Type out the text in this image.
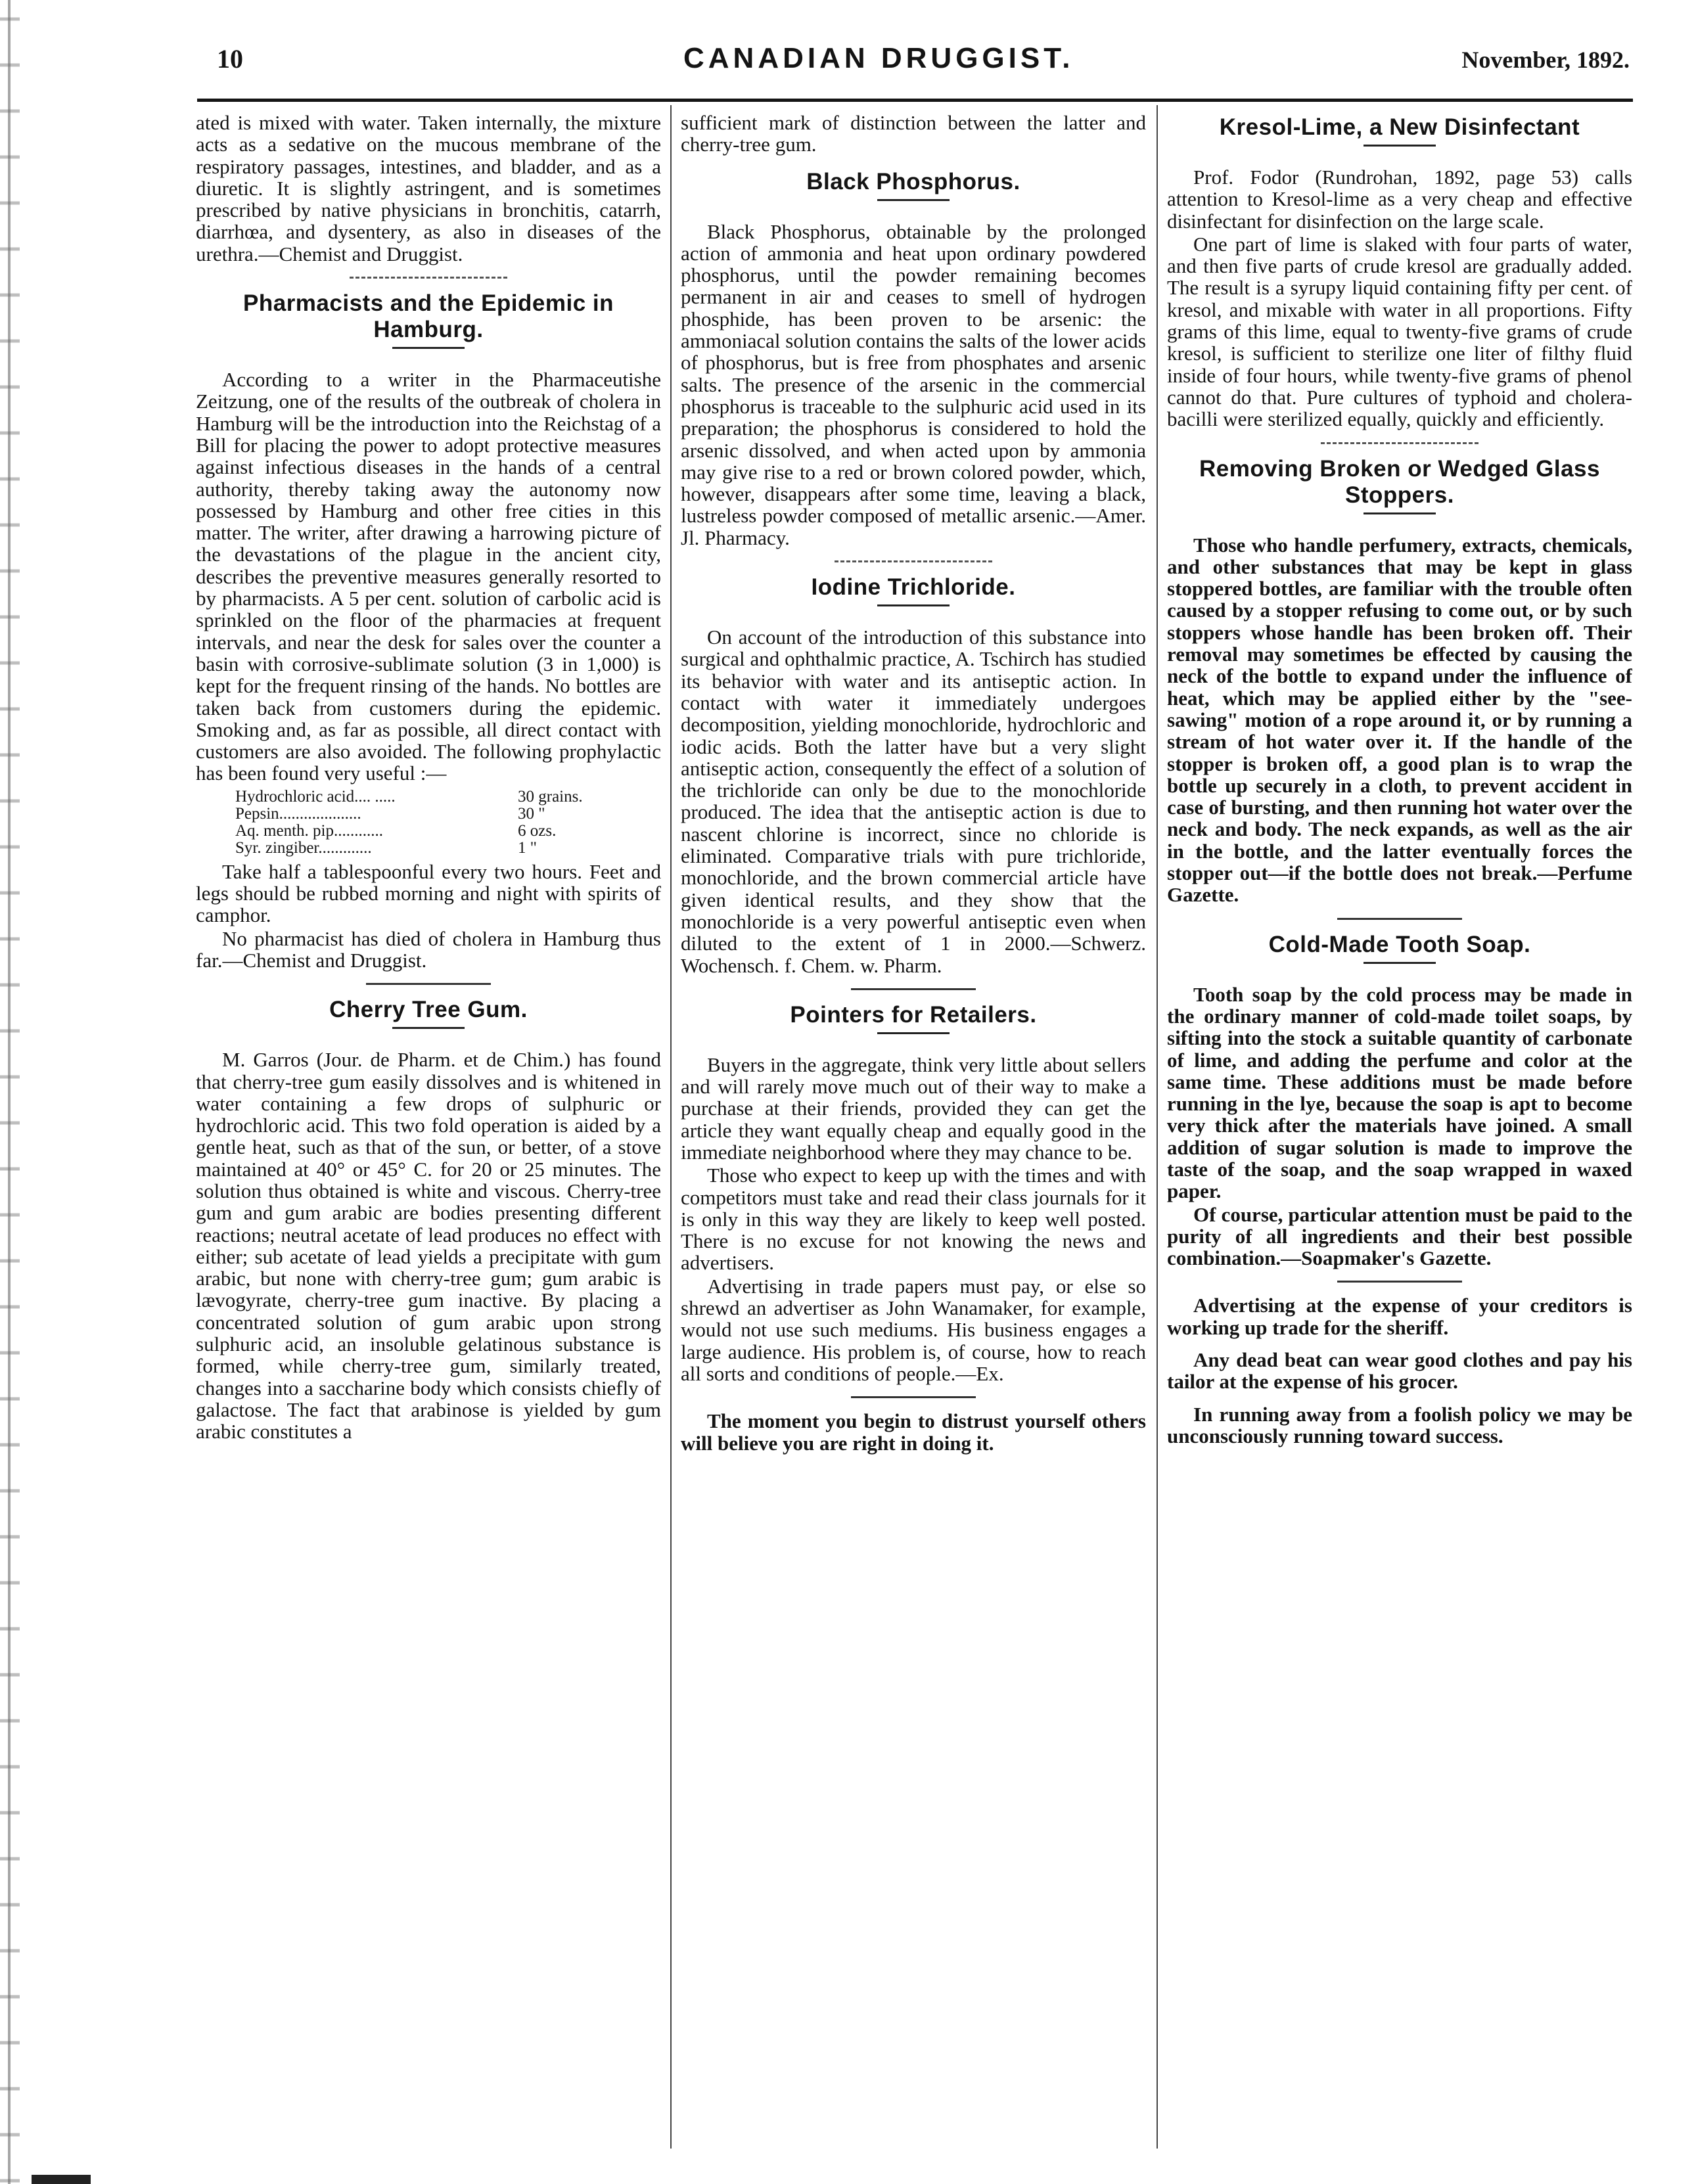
10	CANADIAN DRUGGIST.	November, 1892.

ated is mixed with water. Taken internally, the mixture acts as a sedative on the mucous membrane of the respiratory passages, intestines, and bladder, and as a diuretic. It is slightly astringent, and is sometimes prescribed by native physicians in bronchitis, catarrh, diarrhœa, and dysentery, as also in diseases of the urethra.—Chemist and Druggist.

Pharmacists and the Epidemic in Hamburg.

According to a writer in the Pharmaceutishe Zeitzung, one of the results of the outbreak of cholera in Hamburg will be the introduction into the Reichstag of a Bill for placing the power to adopt protective measures against infectious diseases in the hands of a central authority, thereby taking away the autonomy now possessed by Hamburg and other free cities in this matter. The writer, after drawing a harrowing picture of the devastations of the plague in the ancient city, describes the preventive measures generally resorted to by pharmacists. A 5 per cent. solution of carbolic acid is sprinkled on the floor of the pharmacies at frequent intervals, and near the desk for sales over the counter a basin with corrosive-sublimate solution (3 in 1,000) is kept for the frequent rinsing of the hands. No bottles are taken back from customers during the epidemic. Smoking and, as far as possible, all direct contact with customers are also avoided. The following prophylactic has been found very useful :—

Hydrochloric acid.... .....	30 grains.
Pepsin....................	30 "
Aq. menth. pip............	6 ozs.
Syr. zingiber.............	1 "

Take half a tablespoonful every two hours. Feet and legs should be rubbed morning and night with spirits of camphor.

No pharmacist has died of cholera in Hamburg thus far.—Chemist and Druggist.

Cherry Tree Gum.

M. Garros (Jour. de Pharm. et de Chim.) has found that cherry-tree gum easily dissolves and is whitened in water containing a few drops of sulphuric or hydrochloric acid. This two fold operation is aided by a gentle heat, such as that of the sun, or better, of a stove maintained at 40° or 45° C. for 20 or 25 minutes. The solution thus obtained is white and viscous. Cherry-tree gum and gum arabic are bodies presenting different reactions; neutral acetate of lead produces no effect with either; sub acetate of lead yields a precipitate with gum arabic, but none with cherry-tree gum; gum arabic is lævogyrate, cherry-tree gum inactive. By placing a concentrated solution of gum arabic upon strong sulphuric acid, an insoluble gelatinous substance is formed, while cherry-tree gum, similarly treated, changes into a saccharine body which consists chiefly of galactose. The fact that arabinose is yielded by gum arabic constitutes a

sufficient mark of distinction between the latter and cherry-tree gum.

Black Phosphorus.

Black Phosphorus, obtainable by the prolonged action of ammonia and heat upon ordinary powdered phosphorus, until the powder remaining becomes permanent in air and ceases to smell of hydrogen phosphide, has been proven to be arsenic: the ammoniacal solution contains the salts of the lower acids of phosphorus, but is free from phosphates and arsenic salts. The presence of the arsenic in the commercial phosphorus is traceable to the sulphuric acid used in its preparation; the phosphorus is considered to hold the arsenic dissolved, and when acted upon by ammonia may give rise to a red or brown colored powder, which, however, disappears after some time, leaving a black, lustreless powder composed of metallic arsenic.—Amer. Jl. Pharmacy.

Iodine Trichloride.

On account of the introduction of this substance into surgical and ophthalmic practice, A. Tschirch has studied its behavior with water and its antiseptic action. In contact with water it immediately undergoes decomposition, yielding monochloride, hydrochloric and iodic acids. Both the latter have but a very slight antiseptic action, consequently the effect of a solution of the trichloride can only be due to the monochloride produced. The idea that the antiseptic action is due to nascent chlorine is incorrect, since no chloride is eliminated. Comparative trials with pure trichloride, monochloride, and the brown commercial article have given identical results, and they show that the monochloride is a very powerful antiseptic even when diluted to the extent of 1 in 2000.—Schwerz. Wochensch. f. Chem. w. Pharm.

Pointers for Retailers.

Buyers in the aggregate, think very little about sellers and will rarely move much out of their way to make a purchase at their friends, provided they can get the article they want equally cheap and equally good in the immediate neighborhood where they may chance to be.

Those who expect to keep up with the times and with competitors must take and read their class journals for it is only in this way they are likely to keep well posted. There is no excuse for not knowing the news and advertisers.

Advertising in trade papers must pay, or else so shrewd an advertiser as John Wanamaker, for example, would not use such mediums. His business engages a large audience. His problem is, of course, how to reach all sorts and conditions of people.—Ex.

The moment you begin to distrust yourself others will believe you are right in doing it.

Kresol-Lime, a New Disinfectant

Prof. Fodor (Rundrohan, 1892, page 53) calls attention to Kresol-lime as a very cheap and effective disinfectant for disinfection on the large scale.

One part of lime is slaked with four parts of water, and then five parts of crude kresol are gradually added. The result is a syrupy liquid containing fifty per cent. of kresol, and mixable with water in all proportions. Fifty grams of this lime, equal to twenty-five grams of crude kresol, is sufficient to sterilize one liter of filthy fluid inside of four hours, while twenty-five grams of phenol cannot do that. Pure cultures of typhoid and cholera-bacilli were sterilized equally, quickly and efficiently.

Removing Broken or Wedged Glass Stoppers.

Those who handle perfumery, extracts, chemicals, and other substances that may be kept in glass stoppered bottles, are familiar with the trouble often caused by a stopper refusing to come out, or by such stoppers whose handle has been broken off. Their removal may sometimes be effected by causing the neck of the bottle to expand under the influence of heat, which may be applied either by the "see-sawing" motion of a rope around it, or by running a stream of hot water over it. If the handle of the stopper is broken off, a good plan is to wrap the bottle up securely in a cloth, to prevent accident in case of bursting, and then running hot water over the neck and body. The neck expands, as well as the air in the bottle, and the latter eventually forces the stopper out—if the bottle does not break.—Perfume Gazette.

Cold-Made Tooth Soap.

Tooth soap by the cold process may be made in the ordinary manner of cold-made toilet soaps, by sifting into the stock a suitable quantity of carbonate of lime, and adding the perfume and color at the same time. These additions must be made before running in the lye, because the soap is apt to become very thick after the materials have joined. A small addition of sugar solution is made to improve the taste of the soap, and the soap wrapped in waxed paper.

Of course, particular attention must be paid to the purity of all ingredients and their best possible combination.—Soapmaker's Gazette.

Advertising at the expense of your creditors is working up trade for the sheriff.

Any dead beat can wear good clothes and pay his tailor at the expense of his grocer.

In running away from a foolish policy we may be unconsciously running toward success.
